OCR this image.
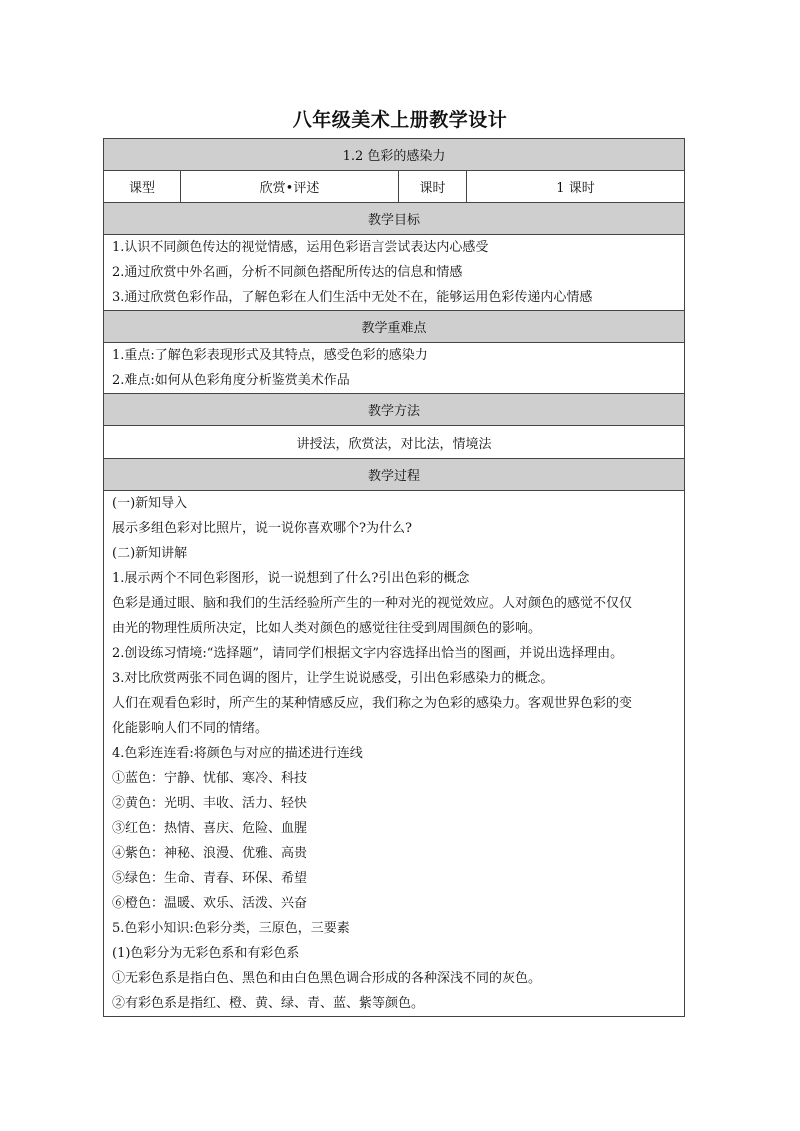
八年级美术上册教学设计
1.2 色彩的感染力
课型	欣赏•评述	课时	1 课时
教学目标

1.认识不同颜色传达的视觉情感，运用色彩语言尝试表达内心感受
2.通过欣赏中外名画，分析不同颜色搭配所传达的信息和情感
3.通过欣赏色彩作品，了解色彩在人们生活中无处不在，能够运用色彩传递内心情感

教学重难点

1.重点:了解色彩表现形式及其特点，感受色彩的感染力
2.难点:如何从色彩角度分析鉴赏美术作品

教学方法
讲授法，欣赏法，对比法，情境法
教学过程

(一)新知导入
展示多组色彩对比照片，说一说你喜欢哪个?为什么?
(二)新知讲解
1.展示两个不同色彩图形，说一说想到了什么?引出色彩的概念
色彩是通过眼、脑和我们的生活经验所产生的一种对光的视觉效应。人对颜色的感觉不仅仅
由光的物理性质所决定，比如人类对颜色的感觉往往受到周围颜色的影响。
2.创设练习情境:“选择题”，请同学们根据文字内容选择出恰当的图画，并说出选择理由。
3.对比欣赏两张不同色调的图片，让学生说说感受，引出色彩感染力的概念。
人们在观看色彩时，所产生的某种情感反应，我们称之为色彩的感染力。客观世界色彩的变
化能影响人们不同的情绪。
4.色彩连连看:将颜色与对应的描述进行连线
①蓝色：宁静、忧郁、寒冷、科技
②黄色：光明、丰收、活力、轻快
③红色：热情、喜庆、危险、血腥
④紫色：神秘、浪漫、优雅、高贵
⑤绿色：生命、青春、环保、希望
⑥橙色：温暖、欢乐、活泼、兴奋
5.色彩小知识:色彩分类，三原色，三要素
(1)色彩分为无彩色系和有彩色系
①无彩色系是指白色、黑色和由白色黑色调合形成的各种深浅不同的灰色。
②有彩色系是指红、橙、黄、绿、青、蓝、紫等颜色。
